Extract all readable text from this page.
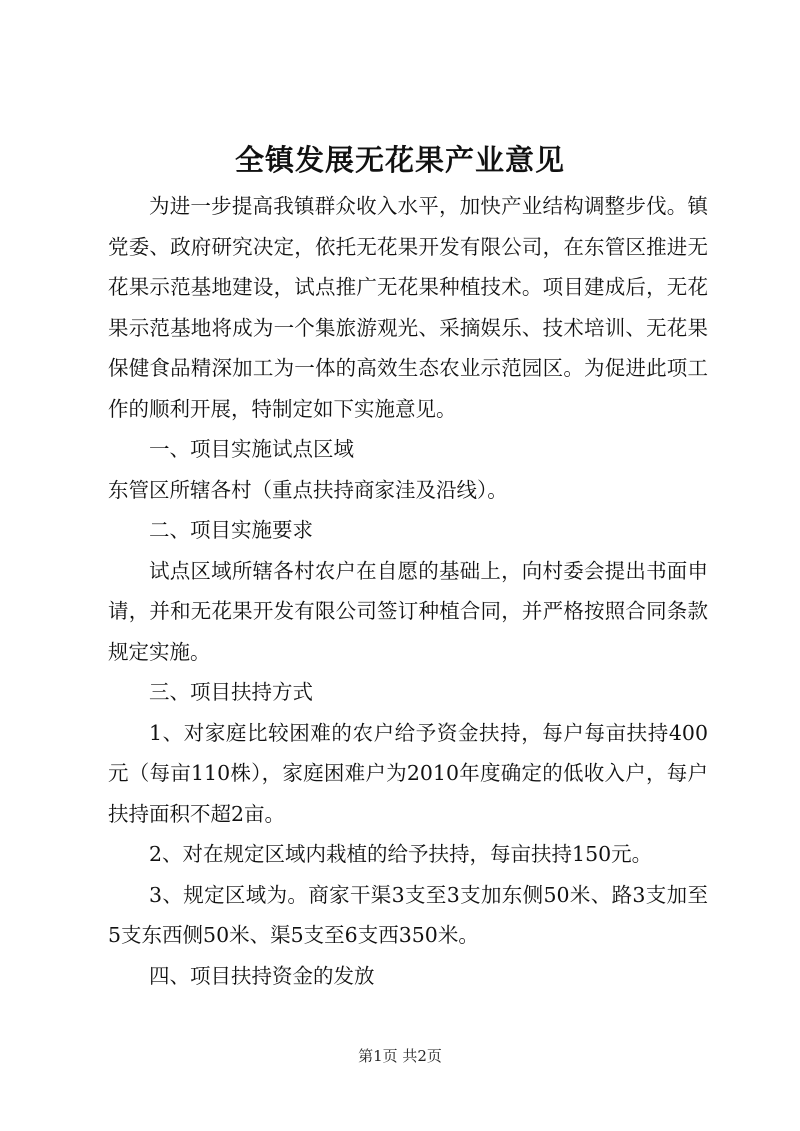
全镇发展无花果产业意见

为进一步提高我镇群众收入水平，加快产业结构调整步伐。镇党委、政府研究决定，依托无花果开发有限公司，在东管区推进无花果示范基地建设，试点推广无花果种植技术。项目建成后，无花果示范基地将成为一个集旅游观光、采摘娱乐、技术培训、无花果保健食品精深加工为一体的高效生态农业示范园区。为促进此项工作的顺利开展，特制定如下实施意见。

一、项目实施试点区域

东管区所辖各村（重点扶持商家洼及沿线）。

二、项目实施要求

试点区域所辖各村农户在自愿的基础上，向村委会提出书面申请，并和无花果开发有限公司签订种植合同，并严格按照合同条款规定实施。

三、项目扶持方式

1、对家庭比较困难的农户给予资金扶持，每户每亩扶持400元（每亩110株），家庭困难户为2010年度确定的低收入户，每户扶持面积不超2亩。

2、对在规定区域内栽植的给予扶持，每亩扶持150元。

3、规定区域为。商家干渠3支至3支加东侧50米、路3支加至5支东西侧50米、渠5支至6支西350米。

四、项目扶持资金的发放

第1页 共2页
